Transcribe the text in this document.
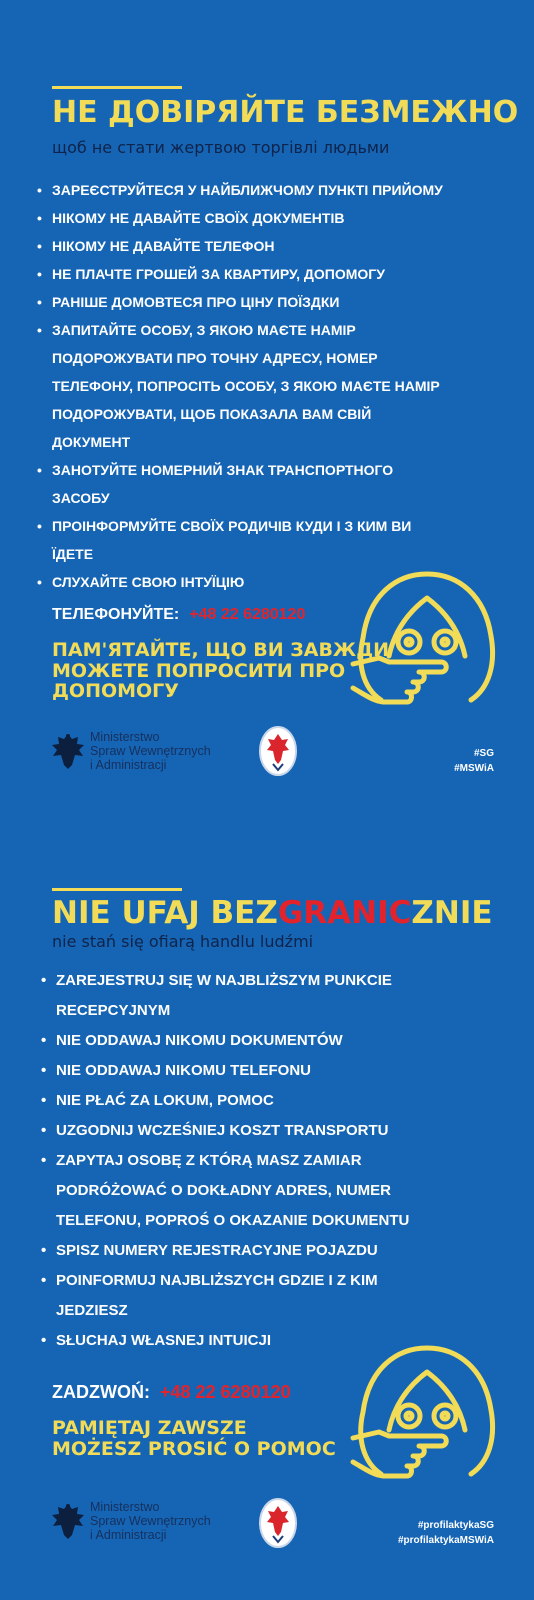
НЕ ДОВІРЯЙТЕ БЕЗМЕЖНО
щоб не стати жертвою торгівлі людьми
• ЗАРЕЄСТРУЙТЕСЯ У НАЙБЛИЖЧОМУ ПУНКТІ ПРИЙОМУ
• НІКОМУ НЕ ДАВАЙТЕ СВОЇХ ДОКУМЕНТІВ
• НІКОМУ НЕ ДАВАЙТЕ ТЕЛЕФОН
• НЕ ПЛАЧТЕ ГРОШЕЙ ЗА КВАРТИРУ, ДОПОМОГУ
• РАНІШЕ ДОМОВТЕСЯ ПРО ЦІНУ ПОЇЗДКИ
• ЗАПИТАЙТЕ ОСОБУ, З ЯКОЮ МАЄТЕ НАМІР
ПОДОРОЖУВАТИ ПРО ТОЧНУ АДРЕСУ, НОМЕР
ТЕЛЕФОНУ, ПОПРОСІТЬ ОСОБУ, З ЯКОЮ МАЄТЕ НАМІР
ПОДОРОЖУВАТИ, ЩОБ ПОКАЗАЛА ВАМ СВІЙ
ДОКУМЕНТ
• ЗАНОТУЙТЕ НОМЕРНИЙ ЗНАК ТРАНСПОРТНОГО
ЗАСОБУ
• ПРОІНФОРМУЙТЕ СВОЇХ РОДИЧІВ КУДИ І З КИМ ВИ
ЇДЕТЕ
• СЛУХАЙТЕ СВОЮ ІНТУЇЦІЮ
ТЕЛЕФОНУЙТЕ: +48 22 6280120
ПАМ'ЯТАЙТЕ, ЩО ВИ ЗАВЖДИ
МОЖЕТЕ ПОПРОСИТИ ПРО
ДОПОМОГУ
Ministerstwo
Spraw Wewnętrznych
i Administracji
#SG
#MSWiA
NIE UFAJ BEZGRANICZNIE
nie stań się ofiarą handlu ludźmi
• ZAREJESTRUJ SIĘ W NAJBLIŻSZYM PUNKCIE
RECEPCYJNYM
• NIE ODDAWAJ NIKOMU DOKUMENTÓW
• NIE ODDAWAJ NIKOMU TELEFONU
• NIE PŁAĆ ZA LOKUM, POMOC
• UZGODNIJ WCZEŚNIEJ KOSZT TRANSPORTU
• ZAPYTAJ OSOBĘ Z KTÓRĄ MASZ ZAMIAR
PODRÓŻOWAĆ O DOKŁADNY ADRES, NUMER
TELEFONU, POPROŚ O OKAZANIE DOKUMENTU
• SPISZ NUMERY REJESTRACYJNE POJAZDU
• POINFORMUJ NAJBLIŻSZYCH GDZIE I Z KIM
JEDZIESZ
• SŁUCHAJ WŁASNEJ INTUICJI
ZADZWOŃ: +48 22 6280120
PAMIĘTAJ ZAWSZE
MOŻESZ PROSIĆ O POMOC
Ministerstwo
Spraw Wewnętrznych
i Administracji
#profilaktykaSG
#profilaktykaMSWiA
